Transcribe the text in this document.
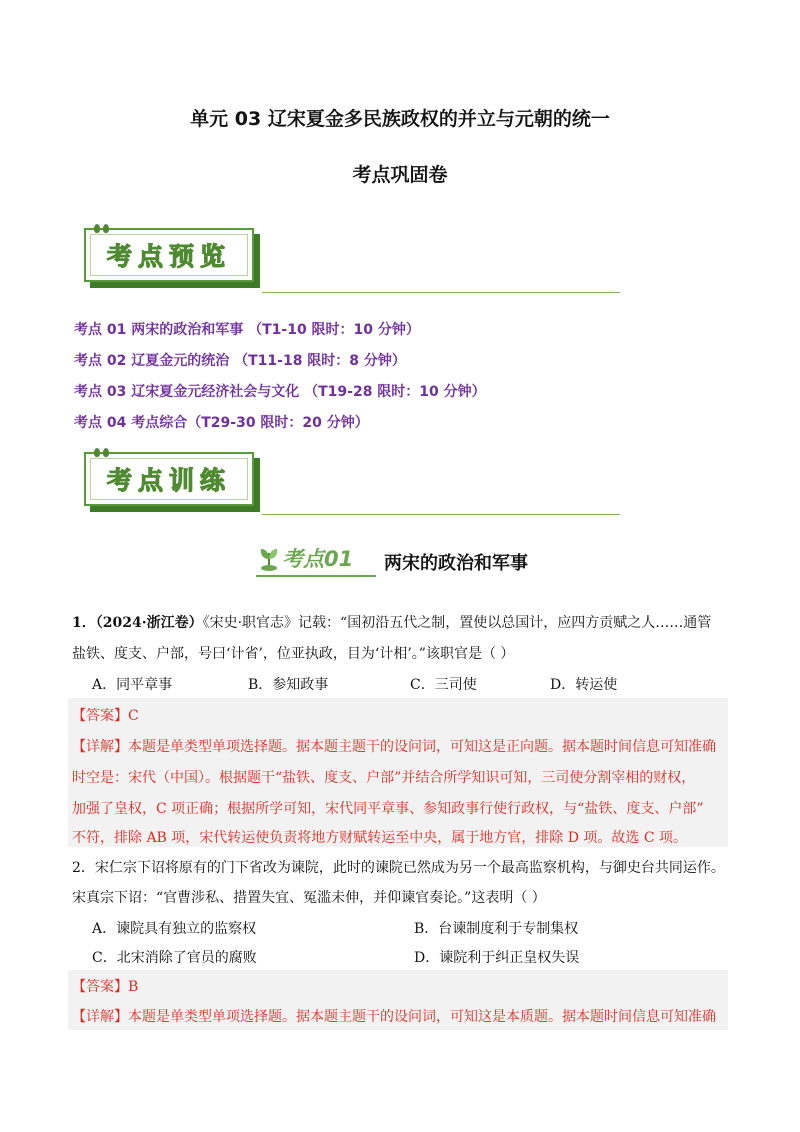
单元 03 辽宋夏金多民族政权的并立与元朝的统一
考点巩固卷
考点预览
考点 01 两宋的政治和军事 （T1-10 限时：10 分钟）
考点 02 辽夏金元的统治 （T11-18 限时：8 分钟）
考点 03 辽宋夏金元经济社会与文化 （T19-28 限时：10 分钟）
考点 04 考点综合（T29-30 限时：20 分钟）
考点训练
考点01 两宋的政治和军事
1．（2024·浙江卷）《宋史·职官志》记载：“国初沿五代之制，置使以总国计，应四方贡赋之人……通管
盐铁、度支、户部，号曰‘计省’，位亚执政，目为‘计相’。”该职官是（ ）
A．同平章事	B．参知政事	C．三司使	D．转运使
【答案】C
【详解】本题是单类型单项选择题。据本题主题干的设问词，可知这是正向题。据本题时间信息可知准确
时空是：宋代（中国）。根据题干“盐铁、度支、户部”并结合所学知识可知，三司使分割宰相的财权，
加强了皇权，C 项正确；根据所学可知，宋代同平章事、参知政事行使行政权，与“盐铁、度支、户部”
不符，排除 AB 项，宋代转运使负责将地方财赋转运至中央，属于地方官，排除 D 项。故选 C 项。
2．宋仁宗下诏将原有的门下省改为谏院，此时的谏院已然成为另一个最高监察机构，与御史台共同运作。
宋真宗下诏：“官曹涉私、措置失宜、冤滥未伸，并仰谏官奏论。”这表明（ ）
A．谏院具有独立的监察权	B．台谏制度利于专制集权
C．北宋消除了官员的腐败	D．谏院利于纠正皇权失误
【答案】B
【详解】本题是单类型单项选择题。据本题主题干的设问词，可知这是本质题。据本题时间信息可知准确
